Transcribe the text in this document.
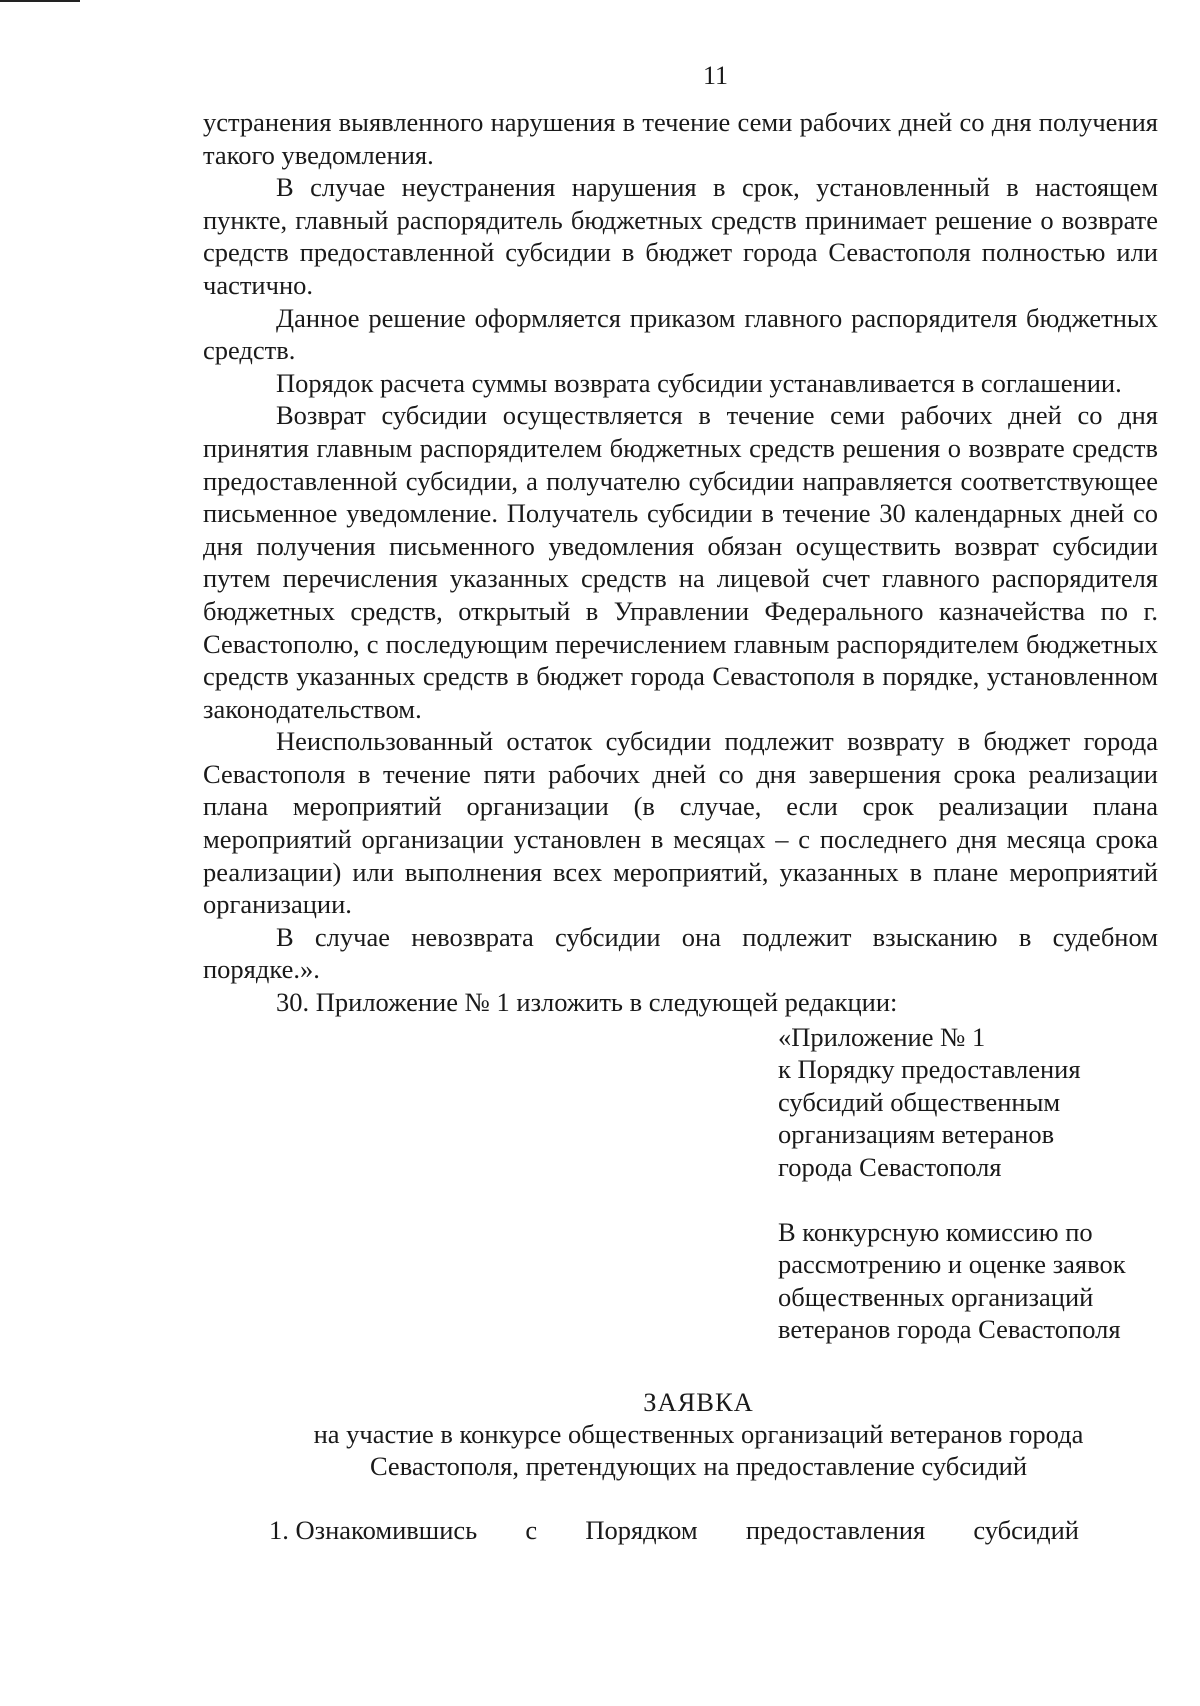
11

устранения выявленного нарушения в течение семи рабочих дней со дня получения такого уведомления.

В случае неустранения нарушения в срок, установленный в настоящем пункте, главный распорядитель бюджетных средств принимает решение о возврате средств предоставленной субсидии в бюджет города Севастополя полностью или частично.

Данное решение оформляется приказом главного распорядителя бюджетных средств.

Порядок расчета суммы возврата субсидии устанавливается в соглашении.

Возврат субсидии осуществляется в течение семи рабочих дней со дня принятия главным распорядителем бюджетных средств решения о возврате средств предоставленной субсидии, а получателю субсидии направляется соответствующее письменное уведомление. Получатель субсидии в течение 30 календарных дней со дня получения письменного уведомления обязан осуществить возврат субсидии путем перечисления указанных средств на лицевой счет главного распорядителя бюджетных средств, открытый в Управлении Федерального казначейства по г. Севастополю, с последующим перечислением главным распорядителем бюджетных средств указанных средств в бюджет города Севастополя в порядке, установленном законодательством.

Неиспользованный остаток субсидии подлежит возврату в бюджет города Севастополя в течение пяти рабочих дней со дня завершения срока реализации плана мероприятий организации (в случае, если срок реализации плана мероприятий организации установлен в месяцах – с последнего дня месяца срока реализации) или выполнения всех мероприятий, указанных в плане мероприятий организации.

В случае невозврата субсидии она подлежит взысканию в судебном порядке.».

30. Приложение № 1 изложить в следующей редакции:

«Приложение № 1

к Порядку предоставления

субсидий общественным

организациям ветеранов

города Севастополя

В конкурсную комиссию по

рассмотрению и оценке заявок

общественных организаций

ветеранов города Севастополя

ЗАЯВКА

на участие в конкурсе общественных организаций ветеранов города

Севастополя, претендующих на предоставление субсидий

1. Ознакомившись с Порядком предоставления субсидий
